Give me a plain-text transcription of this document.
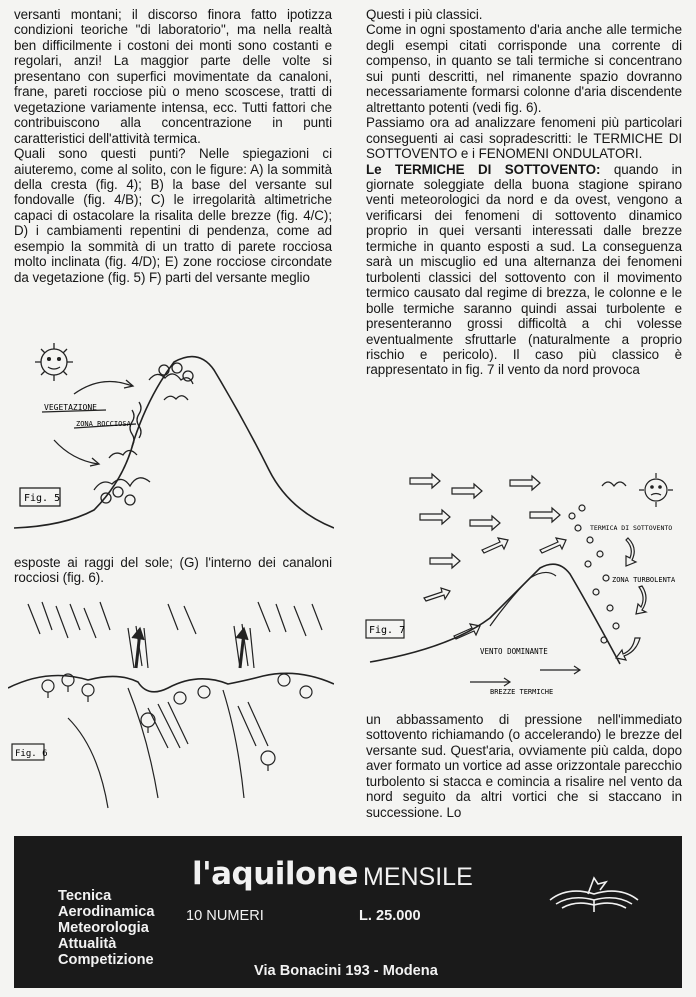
versanti montani; il discorso finora fatto ipotizza condizioni teoriche "di laboratorio", ma nella realtà ben difficilmente i costoni dei monti sono costanti e regolari, anzi! La maggior parte delle volte si presentano con superfici movimentate da canaloni, frane, pareti rocciose più o meno scoscese, tratti di vegetazione variamente intensa, ecc. Tutti fattori che contribuiscono alla concentrazione in punti caratteristici dell'attività termica.

Quali sono questi punti? Nelle spiegazioni ci aiuteremo, come al solito, con le figure: A) la sommità della cresta (fig. 4); B) la base del versante sul fondovalle (fig. 4/B); C) le irregolarità altimetriche capaci di ostacolare la risalita delle brezze (fig. 4/C); D) i cambiamenti repentini di pendenza, come ad esempio la sommità di un tratto di parete rocciosa molto inclinata (fig. 4/D); E) zone rocciose circondate da vegetazione (fig. 5) F) parti del versante meglio

VEGETAZIONE
ZONA ROCCIOSA
Fig. 5

esposte ai raggi del sole; (G) l'interno dei canaloni rocciosi (fig. 6).

Fig. 6

Questi i più classici.

Come in ogni spostamento d'aria anche alle termiche degli esempi citati corrisponde una corrente di compenso, in quanto se tali termiche si concentrano sui punti descritti, nel rimanente spazio dovranno necessariamente formarsi colonne d'aria discendente altrettanto potenti (vedi fig. 6).

Passiamo ora ad analizzare fenomeni più particolari conseguenti ai casi sopradescritti: le TERMICHE DI SOTTOVENTO e i FENOMENI ONDULATORI.

Le TERMICHE DI SOTTOVENTO: quando in giornate soleggiate della buona stagione spirano venti meteorologici da nord e da ovest, vengono a verificarsi dei fenomeni di sottovento dinamico proprio in quei versanti interessati dalle brezze termiche in quanto esposti a sud. La conseguenza sarà un miscuglio ed una alternanza dei fenomeni turbolenti classici del sottovento con il movimento termico causato dal regime di brezza, le colonne e le bolle termiche saranno quindi assai turbolente e presenteranno grossi difficoltà a chi volesse eventualmente sfruttarle (naturalmente a proprio rischio e pericolo). Il caso più classico è rappresentato in fig. 7 il vento da nord provoca

Fig. 7
TERMICA DI SOTTOVENTO
ZONA TURBOLENTA
VENTO DOMINANTE
BREZZE TERMICHE

un abbassamento di pressione nell'immediato sottovento richiamando (o accelerando) le brezze del versante sud. Quest'aria, ovviamente più calda, dopo aver formato un vortice ad asse orizzontale parecchio turbolento si stacca e comincia a risalire nel vento da nord seguito da altri vortici che si staccano in successione. Lo

l'aquilone MENSILE
Tecnica
Aerodinamica
Meteorologia
Attualità
Competizione
10 NUMERI	L. 25.000
Via Bonacini 193 - Modena
